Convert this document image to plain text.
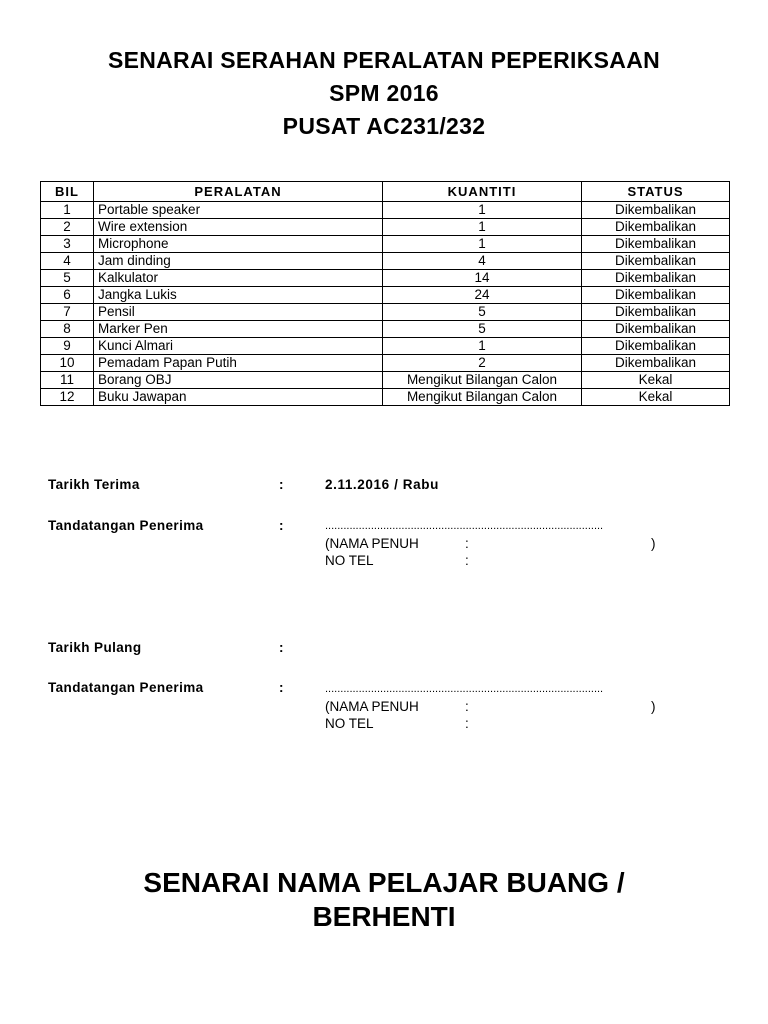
SENARAI SERAHAN PERALATAN PEPERIKSAAN
SPM 2016
PUSAT AC231/232
BIL	PERALATAN	KUANTITI	STATUS
1	Portable speaker	1	Dikembalikan
2	Wire extension	1	Dikembalikan
3	Microphone	1	Dikembalikan
4	Jam dinding	4	Dikembalikan
5	Kalkulator	14	Dikembalikan
6	Jangka Lukis	24	Dikembalikan
7	Pensil	5	Dikembalikan
8	Marker Pen	5	Dikembalikan
9	Kunci Almari	1	Dikembalikan
10	Pemadam Papan Putih	2	Dikembalikan
11	Borang OBJ	Mengikut Bilangan Calon	Kekal
12	Buku Jawapan	Mengikut Bilangan Calon	Kekal
Tarikh Terima	:	2.11.2016 / Rabu
Tandatangan Penerima	:	...........................................................................................
(NAMA PENUH	:	)
NO TEL	:
Tarikh Pulang	:
Tandatangan Penerima	:	...........................................................................................
(NAMA PENUH	:	)
NO TEL	:
SENARAI NAMA PELAJAR BUANG /
BERHENTI
